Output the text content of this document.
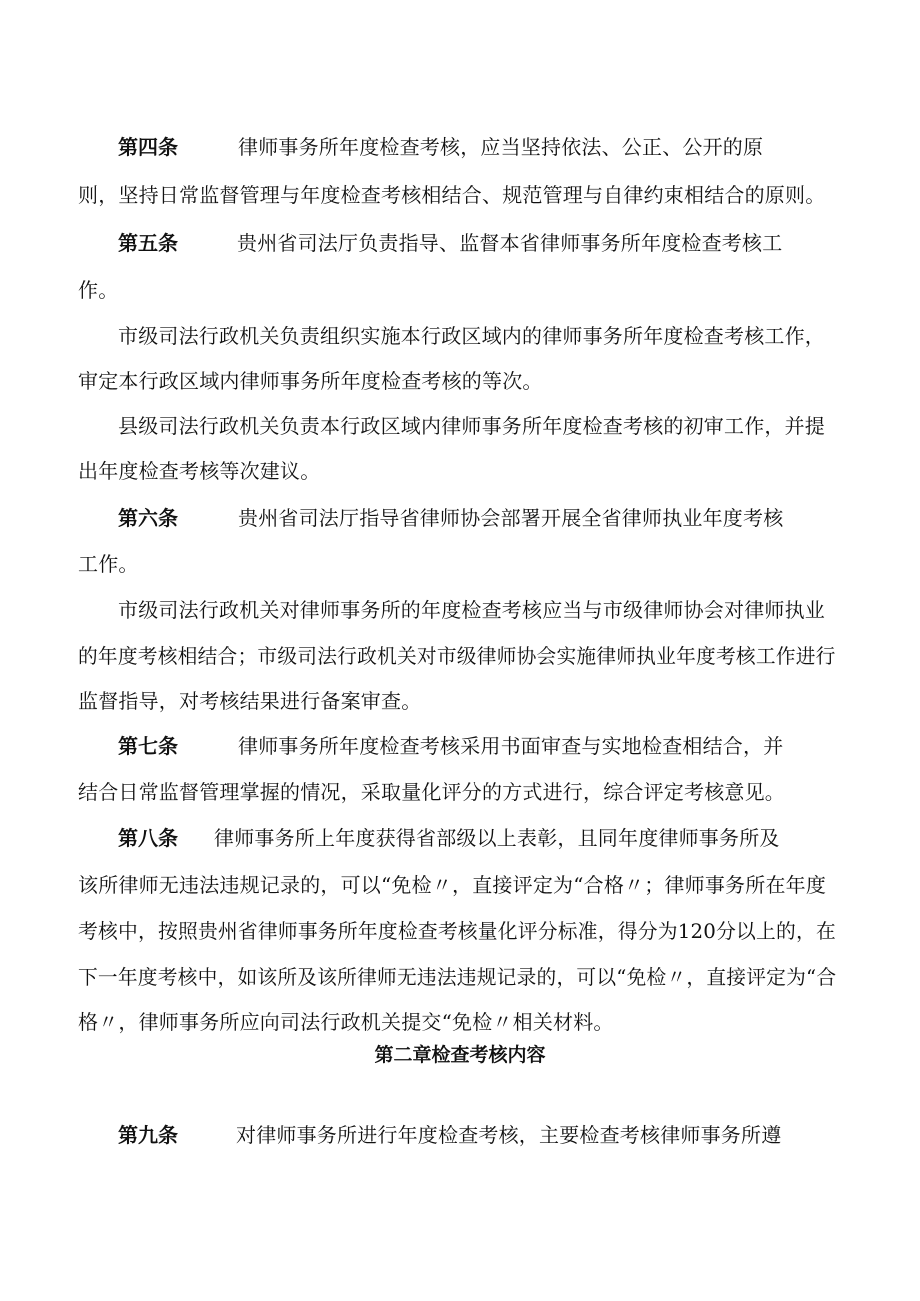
第四条	律师事务所年度检查考核，应当坚持依法、公正、公开的原
则，坚持日常监督管理与年度检查考核相结合、规范管理与自律约束相结合的原则。
第五条	贵州省司法厅负责指导、监督本省律师事务所年度检查考核工
作。
市级司法行政机关负责组织实施本行政区域内的律师事务所年度检查考核工作，
审定本行政区域内律师事务所年度检查考核的等次。
县级司法行政机关负责本行政区域内律师事务所年度检查考核的初审工作，并提
出年度检查考核等次建议。
第六条	贵州省司法厅指导省律师协会部署开展全省律师执业年度考核
工作。
市级司法行政机关对律师事务所的年度检查考核应当与市级律师协会对律师执业
的年度考核相结合；市级司法行政机关对市级律师协会实施律师执业年度考核工作进行
监督指导，对考核结果进行备案审查。
第七条	律师事务所年度检查考核采用书面审查与实地检查相结合，并
结合日常监督管理掌握的情况，采取量化评分的方式进行，综合评定考核意见。
第八条 律师事务所上年度获得省部级以上表彰，且同年度律师事务所及
该所律师无违法违规记录的，可以“免检〃，直接评定为“合格〃；律师事务所在年度
考核中，按照贵州省律师事务所年度检查考核量化评分标准，得分为120分以上的，在
下一年度考核中，如该所及该所律师无违法违规记录的，可以“免检〃，直接评定为“合
格〃，律师事务所应向司法行政机关提交“免检〃相关材料。
第二章检查考核内容
第九条	对律师事务所进行年度检查考核，主要检查考核律师事务所遵
